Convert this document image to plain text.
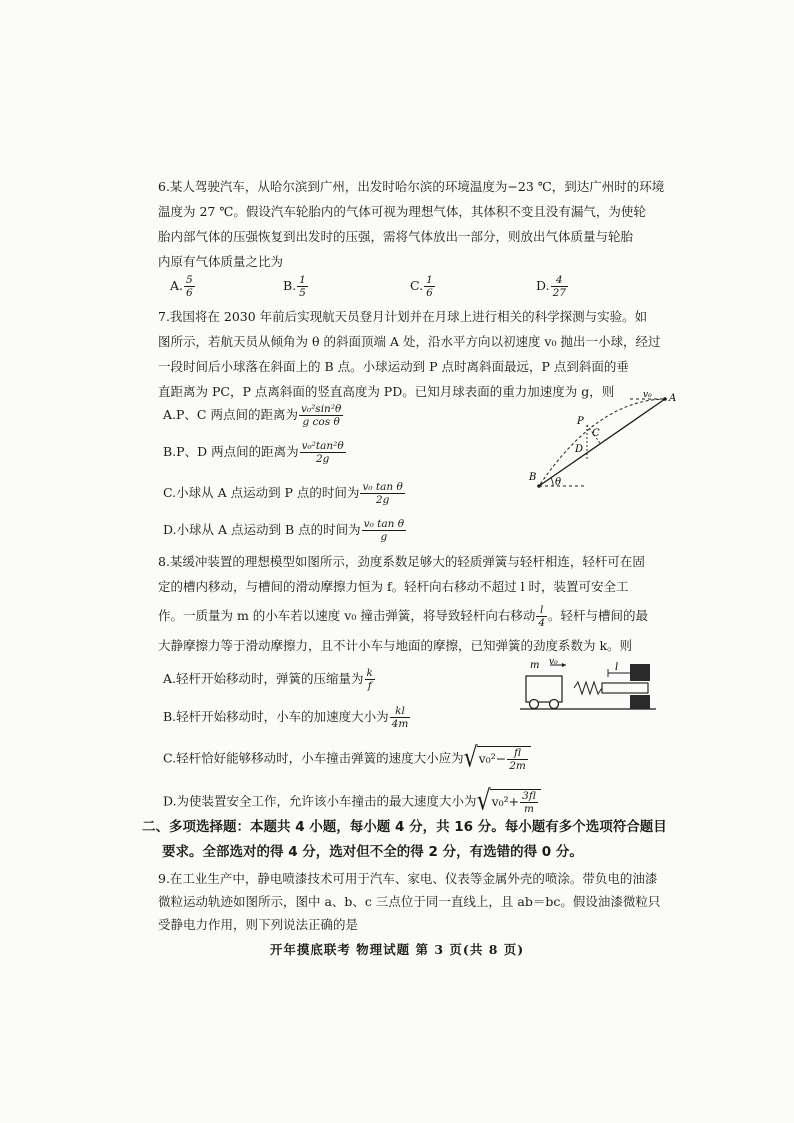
6.某人驾驶汽车，从哈尔滨到广州，出发时哈尔滨的环境温度为−23 ℃，到达广州时的环境
温度为 27 ℃。假设汽车轮胎内的气体可视为理想气体，其体积不变且没有漏气，为使轮
胎内部气体的压强恢复到出发时的压强，需将气体放出一部分，则放出气体质量与轮胎
内原有气体质量之比为
A. $\frac{5}{6}$	B. $\frac{1}{5}$	C. $\frac{1}{6}$	D. $\frac{4}{27}$
7.我国将在 2030 年前后实现航天员登月计划并在月球上进行相关的科学探测与实验。如
图所示，若航天员从倾角为 θ 的斜面顶端 A 处，沿水平方向以初速度 v₀ 抛出一小球，经过
一段时间后小球落在斜面上的 B 点。小球运动到 P 点时离斜面最远，P 点到斜面的垂
直距离为 PC，P 点离斜面的竖直高度为 PD。已知月球表面的重力加速度为 g，则
A.P、C 两点间的距离为 $\frac{\text{v₀²sin²θ}}{\text{g cos θ}}$
B.P、D 两点间的距离为 $\frac{\text{v₀²tan²θ}}{2g}$
C.小球从 A 点运动到 P 点的时间为 $\frac{\text{v₀ tan θ}}{2g}$
D.小球从 A 点运动到 B 点的时间为 $\frac{\text{v₀ tan θ}}{g}$
A
B
P
C
D
v₀
θ
8.某缓冲装置的理想模型如图所示，劲度系数足够大的轻质弹簧与轻杆相连，轻杆可在固
定的槽内移动，与槽间的滑动摩擦力恒为 f。轻杆向右移动不超过 l 时，装置可安全工
作。一质量为 m 的小车若以速度 v₀ 撞击弹簧，将导致轻杆向右移动 $\frac{l}{4}$ 。轻杆与槽间的最
大静摩擦力等于滑动摩擦力，且不计小车与地面的摩擦，已知弹簧的劲度系数为 k。则
A.轻杆开始移动时，弹簧的压缩量为 $\frac{k}{f}$
B.轻杆开始移动时，小车的加速度大小为 $\frac{kl}{4m}$
C.轻杆恰好能够移动时，小车撞击弹簧的速度大小应为$√v_0^2- \frac{fl}{2m}$
D.为使装置安全工作，允许该小车撞击的最大速度大小为$√v_0^2+ \frac{3fl}{m}$
m v₀	l
二、多项选择题：本题共 4 小题，每小题 4 分，共 16 分。每小题有多个选项符合题目
要求。全部选对的得 4 分，选对但不全的得 2 分，有选错的得 0 分。
9.在工业生产中，静电喷漆技术可用于汽车、家电、仪表等金属外壳的喷涂。带负电的油漆
微粒运动轨迹如图所示，图中 a、b、c 三点位于同一直线上，且 ab＝bc。假设油漆微粒只
受静电力作用，则下列说法正确的是
开年摸底联考 物理试题 第 3 页(共 8 页)
